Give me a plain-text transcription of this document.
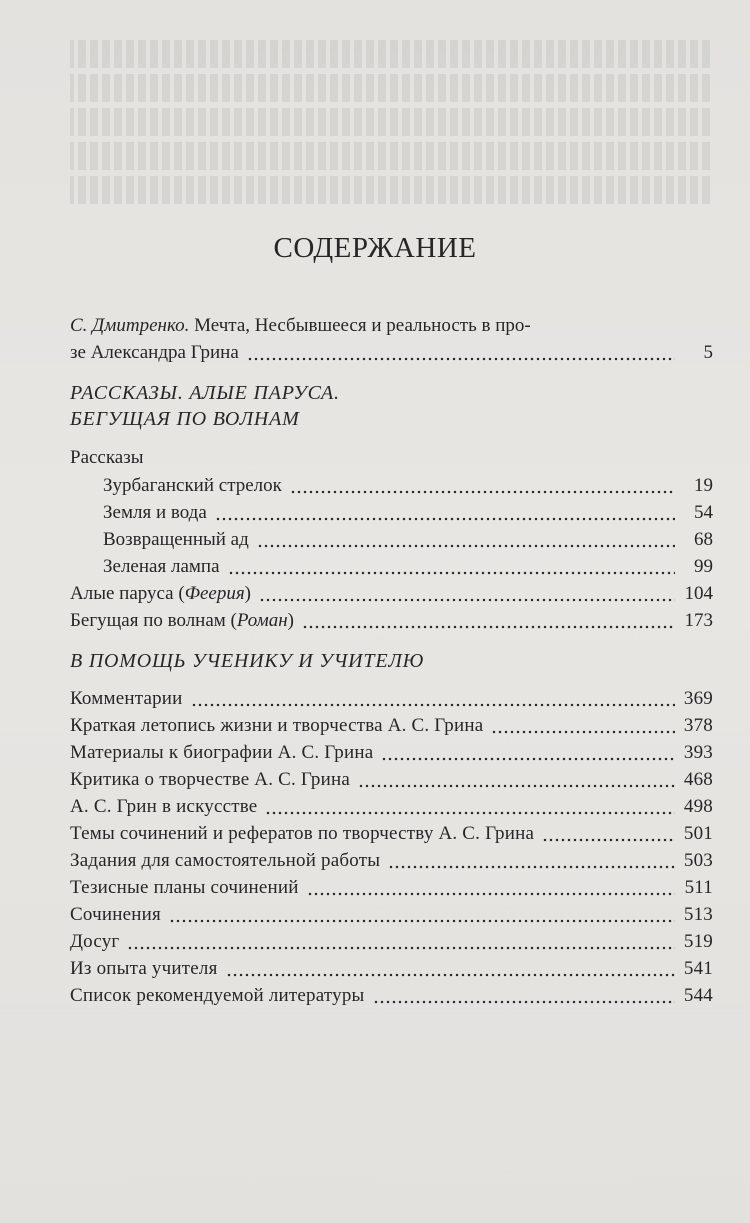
СОДЕРЖАНИЕ
С. Дмитренко. Мечта, Несбывшееся и реальность в про-
зе Александра Грина	5
РАССКАЗЫ. АЛЫЕ ПАРУСА.
БЕГУЩАЯ ПО ВОЛНАМ
Рассказы
Зурбаганский стрелок	19
Земля и вода	54
Возвращенный ад	68
Зеленая лампа	99
Алые паруса (Феерия)	104
Бегущая по волнам (Роман)	173
В ПОМОЩЬ УЧЕНИКУ И УЧИТЕЛЮ
Комментарии	369
Краткая летопись жизни и творчества А. С. Грина	378
Материалы к биографии А. С. Грина	393
Критика о творчестве А. С. Грина	468
А. С. Грин в искусстве	498
Темы сочинений и рефератов по творчеству А. С. Грина	501
Задания для самостоятельной работы	503
Тезисные планы сочинений	511
Сочинения	513
Досуг	519
Из опыта учителя	541
Список рекомендуемой литературы	544
